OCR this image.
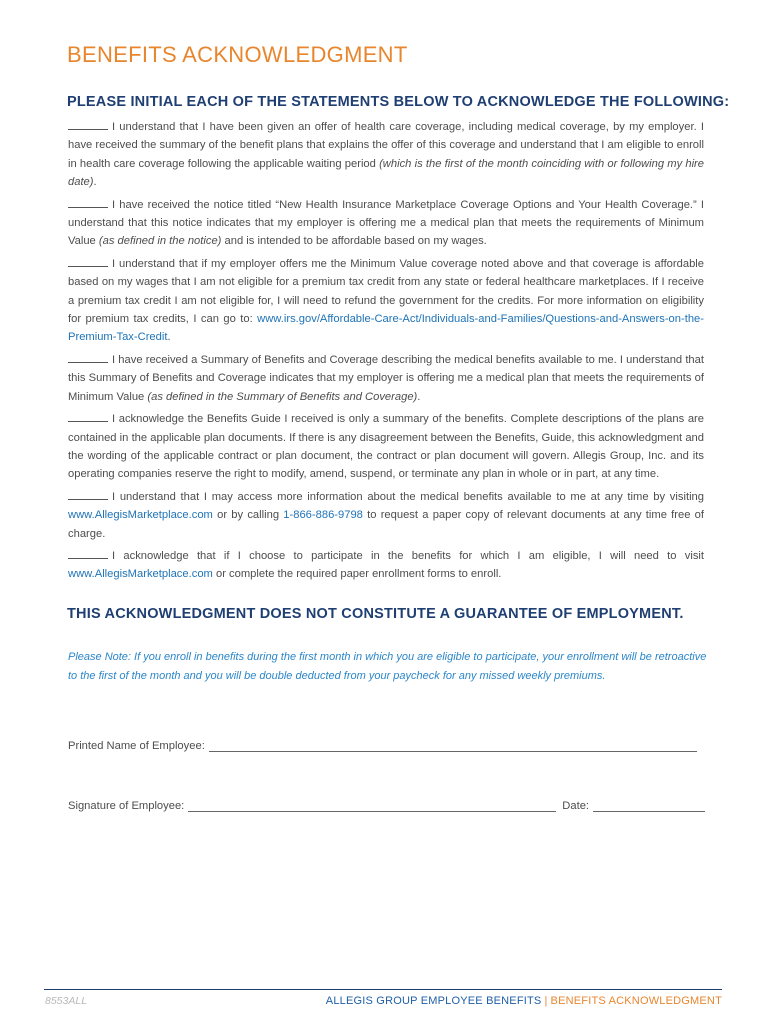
BENEFITS ACKNOWLEDGMENT
PLEASE INITIAL EACH OF THE STATEMENTS BELOW TO ACKNOWLEDGE THE FOLLOWING:

I understand that I have been given an offer of health care coverage, including medical coverage, by my employer. I have received the summary of the benefit plans that explains the offer of this coverage and understand that I am eligible to enroll in health care coverage following the applicable waiting period (which is the first of the month coinciding with or following my hire date).

I have received the notice titled “New Health Insurance Marketplace Coverage Options and Your Health Coverage.” I understand that this notice indicates that my employer is offering me a medical plan that meets the requirements of Minimum Value (as defined in the notice) and is intended to be affordable based on my wages.

I understand that if my employer offers me the Minimum Value coverage noted above and that coverage is affordable based on my wages that I am not eligible for a premium tax credit from any state or federal healthcare marketplaces. If I receive a premium tax credit I am not eligible for, I will need to refund the government for the credits. For more information on eligibility for premium tax credits, I can go to: www.irs.gov/Affordable-Care-Act/Individuals-and-Families/Questions-and-Answers-on-the-Premium-Tax-Credit.

I have received a Summary of Benefits and Coverage describing the medical benefits available to me. I understand that this Summary of Benefits and Coverage indicates that my employer is offering me a medical plan that meets the requirements of Minimum Value (as defined in the Summary of Benefits and Coverage).

I acknowledge the Benefits Guide I received is only a summary of the benefits. Complete descriptions of the plans are contained in the applicable plan documents. If there is any disagreement between the Benefits, Guide, this acknowledgment and the wording of the applicable contract or plan document, the contract or plan document will govern. Allegis Group, Inc. and its operating companies reserve the right to modify, amend, suspend, or terminate any plan in whole or in part, at any time.

I understand that I may access more information about the medical benefits available to me at any time by visiting www.AllegisMarketplace.com or by calling 1-866-886-9798 to request a paper copy of relevant documents at any time free of charge.

I acknowledge that if I choose to participate in the benefits for which I am eligible, I will need to visit www.AllegisMarketplace.com or complete the required paper enrollment forms to enroll.

THIS ACKNOWLEDGMENT DOES NOT CONSTITUTE A GUARANTEE OF EMPLOYMENT.

Please Note: If you enroll in benefits during the first month in which you are eligible to participate, your enrollment will be retroactive to the first of the month and you will be double deducted from your paycheck for any missed weekly premiums.

Printed Name of Employee:
Signature of Employee:	Date:
8553ALL	ALLEGIS GROUP EMPLOYEE BENEFITS | BENEFITS ACKNOWLEDGMENT
